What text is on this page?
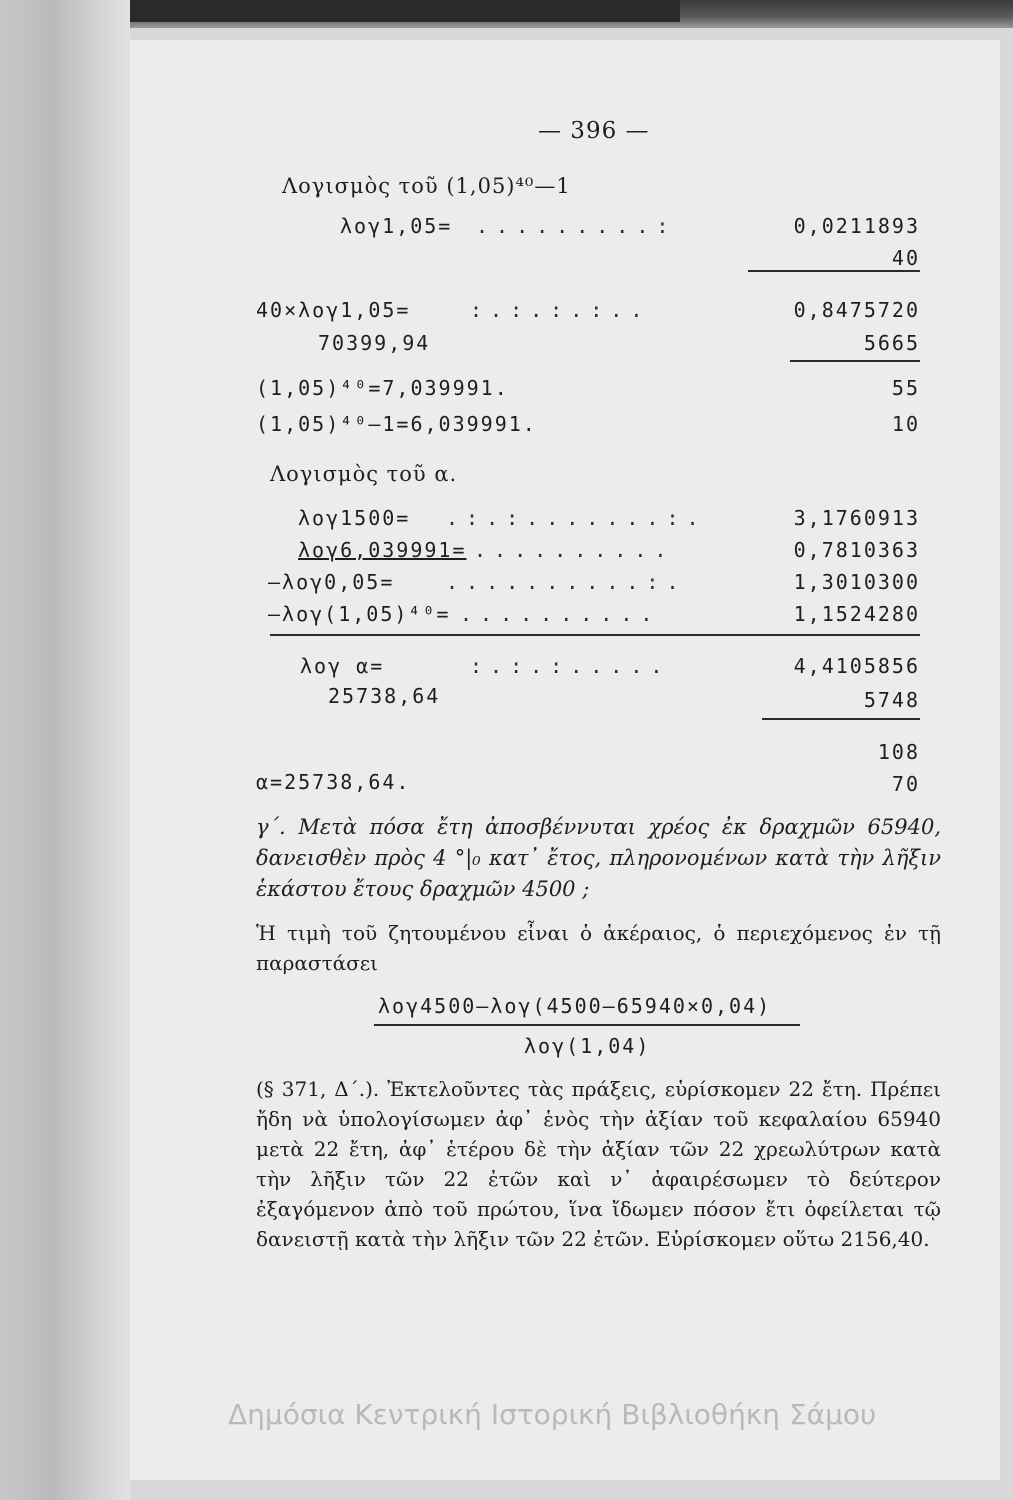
— 396 —
Λογισμὸς τοῦ (1,05)⁴⁰—1
λογ1,05= .........:	0,0211893
40
40×λογ1,05=	:.:.:.:..	0,8475720
70399,94	5665
(1,05)⁴⁰=7,039991.	55
(1,05)⁴⁰—1=6,039991.	10
Λογισμὸς τοῦ α.
λογ1500= .:.:.......:.	3,1760913
λογ6,039991= ..........	0,7810363
—λογ0,05=	..........:.	1,3010300
—λογ(1,05)⁴⁰= ..........	1,1524280
λογ α=	:.:.:.....	4,4105856
25738,64	5748
108
α=25738,64.	70
γ΄. Μετὰ πόσα ἔτη ἀποσβέννυται χρέος ἐκ δραχμῶν 65940, δανεισθὲν πρὸς 4 °|₀ κατ᾽ ἔτος, πληρονομένων κατὰ τὴν λῆξιν ἑκάστου ἔτους δραχμῶν 4500 ;
Ἡ τιμὴ τοῦ ζητουμένου εἶναι ὁ ἀκέραιος, ὁ περιεχόμενος ἐν τῇ παραστάσει
λογ4500—λογ(4500—65940×0,04)
λογ(1,04)
(§ 371, Δ΄.). Ἐκτελοῦντες τὰς πράξεις, εὑρίσκομεν 22 ἔτη. Πρέπει ἤδη νὰ ὑπολογίσωμεν ἀφ᾽ ἑνὸς τὴν ἀξίαν τοῦ κεφαλαίου 65940 μετὰ 22 ἔτη, ἀφ᾽ ἑτέρου δὲ τὴν ἀξίαν τῶν 22 χρεωλύτρων κατὰ τὴν λῆξιν τῶν 22 ἐτῶν καὶ ν᾽ ἀφαιρέσωμεν τὸ δεύτερον ἐξαγόμενον ἀπὸ τοῦ πρώτου, ἵνα ἴδωμεν πόσον ἔτι ὀφείλεται τῷ δανειστῇ κατὰ τὴν λῆξιν τῶν 22 ἐτῶν. Εὑρίσκομεν οὕτω 2156,40.
Δημόσια Κεντρική Ιστορική Βιβλιοθήκη Σάμου
